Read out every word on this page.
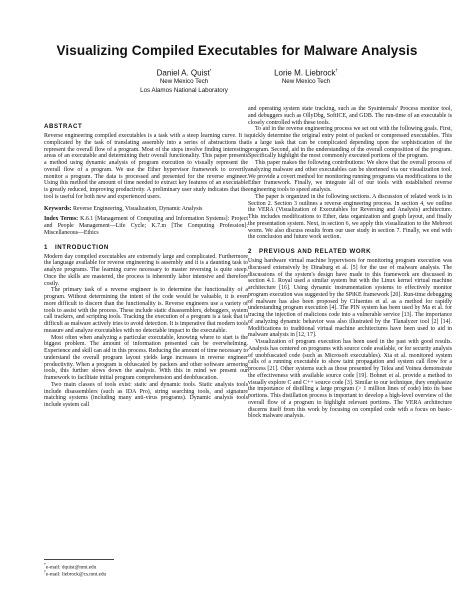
Visualizing Compiled Executables for Malware Analysis
Daniel A. Quist*
New Mexico Tech
Los Alamos National Laboratory
Lorie M. Liebrock†
New Mexico Tech
ABSTRACT

Reverse engineering compiled executables is a task with a steep learning curve. It is complicated by the task of translating assembly into a series of abstractions that represent the overall flow of a program. Most of the steps involve finding interesting areas of an executable and determining their overall functionality. This paper presents a method using dynamic analysis of program execution to visually represent the overall flow of a program. We use the Ether hypervisor framework to covertly monitor a program. The data is processed and presented for the reverse engineer. Using this method the amount of time needed to extract key features of an executable is greatly reduced, improving productivity. A preliminary user study indicates that the tool is useful for both new and experienced users.

Keywords: Reverse Engineering, Visualization, Dynamic Analysis

Index Terms: K.6.1 [Management of Computing and Information Systems]: Project and People Management—Life Cycle; K.7.m [The Computing Profession]: Miscellaneous—Ethics

1 INTRODUCTION

Modern day compiled executables are extremely large and complicated. Furthermore the language available for reverse engineering is assembly and it is a daunting task to analyze programs. The learning curve necessary to master reversing is quite steep. Once the skills are mastered, the process is inherently labor intensive and therefore costly.

The primary task of a reverse engineer is to determine the functionality of a program. Without determining the intent of the code would be valuable, it is even more difficult to discern than the functionality is. Reverse engineers use a variety of tools to assist with the process. These include static disassemblers, debuggers, system call trackers, and scripting tools. Tracking the execution of a program is a task that is difficult as malware actively tries to avoid detection. It is imperative that modern tools measure and analyze executables with no detectable impact to the executable.

Most often when analyzing a particular executable, knowing where to start is the biggest problem. The amount of information presented can be overwhelming. Experience and skill can aid in this process. Reducing the amount of time necessary to understand the overall program layout yields large increases in reverse engineer productivity. When a program is obfuscated by packers and other software armoring tools, this further slows down the analysis. With this in mind we present our framework to facilitate initial program comprehension and deobfuscation.

Two main classes of tools exist: static and dynamic tools. Static analysis tools include disassemblers (such as IDA Pro), string searching tools, and signature matching systems (including many anti-virus programs). Dynamic analysis tools include system call

*e-mail: dquist@nmt.edu
†e-mail: liebrock@cs.nmt.edu

and operating system state tracking, such as the Sysinternals' Process monitor tool, and debuggers such as OllyDbg, SoftICE, and GDB. The run-time of an executable is closely controlled with these tools.

To aid in the reverse engineering process we set out with the following goals. First, quickly determine the original entry point of packed or compressed executables. This is a large task that can be complicated depending upon the sophistication of the program. Second, aid in the understanding of the overall composition of the program. Specifically highlight the most commonly executed portions of the program.

This paper makes the following contributions: We show that the overall process of analyzing malware and other executables can be shortened via our visualization tool. We provide a covert method for monitoring running programs via modifications to the Ether framework. Finally, we integrate all of our tools with established reverse engineering tools to speed analysis.

The paper is organized in the following sections. A discussion of related work is in Section 2. Section 3 outlines a reverse engineering process. In section 4, we outline the VERA (Visualization of Executables for Reversing and Analysis) architecture. This includes modifications to Ether, data organization and graph layout, and finally the presentation system. Next, in section 6, we apply this visualization to the Mebroot worm. We also discuss results from our user study in section 7. Finally, we end with the conclusion and future work section.

2 PREVIOUS AND RELATED WORK

Using hardware virtual machine hypervisors for monitoring program execution was discussed extensively by Dinaburg et al. [5] for the use of malware analysis. The discussions of the system's design have made to this framework are discussed in section 4.1. Royal used a similar system but with the Linux kernel virtual machine architecture [16]. Using dynamic instrumentation systems to effectively monitor program execution was suggested by the SPiKE framework [20]. Run-time debugging of malware has also been proposed by Cifuentes et al. as a method for rapidly understanding program execution [4]. The PIN system has been used by Ma et al. for tracing the injection of malicious code into a vulnerable service [13]. The importance of analyzing dynamic behavior was also illustrated by the Tlanalyzer tool [2] [14]. Modifications to traditional virtual machine architectures have been used to aid in malware analysis in [12, 17].

Visualization of program execution has been used in the past with good results. Analysis has centered on programs with source code available, or for security analysis of unobfuscated code (such as Microsoft executables). Xia et al. monitored system calls of a running executable to show taint propagation and system call flow for a process [21]. Other systems such as those presented by Telea and Voinea demonstrate the effectiveness with available source code [19]. Bohnet et al. provide a method to visually explore C and C++ source code [3]. Similar to our technique, they emphasize the importance of distilling a large program (> 1 million lines of code) into its base portions. This distillation process is important to develop a high-level overview of the overall flow of a program to highlight relevant portions. The VERA architecture discerns itself from this work by focusing on compiled code with a focus on basic-block malware analysis.
